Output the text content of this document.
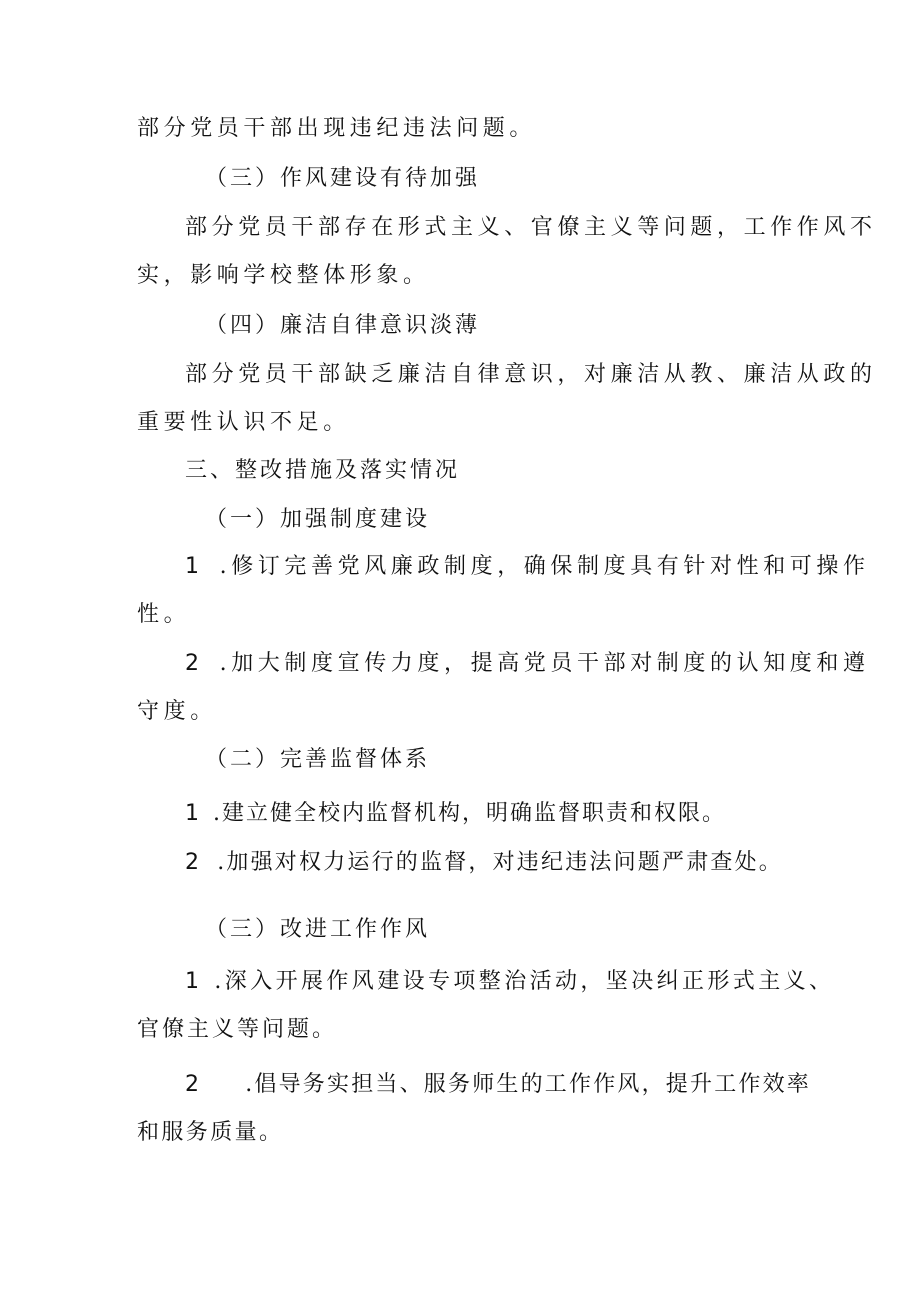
部分党员干部出现违纪违法问题。
（三）作风建设有待加强
部分党员干部存在形式主义、官僚主义等问题，工作作风不
实，影响学校整体形象。
（四）廉洁自律意识淡薄
部分党员干部缺乏廉洁自律意识，对廉洁从教、廉洁从政的
重要性认识不足。
三、整改措施及落实情况
（一）加强制度建设
1 .修订完善党风廉政制度，确保制度具有针对性和可操作
性。
2 .加大制度宣传力度，提高党员干部对制度的认知度和遵
守度。
（二）完善监督体系
1 .建立健全校内监督机构，明确监督职责和权限。
2 .加强对权力运行的监督，对违纪违法问题严肃查处。
（三）改进工作作风
1 .深入开展作风建设专项整治活动，坚决纠正形式主义、
官僚主义等问题。
2 .倡导务实担当、服务师生的工作作风，提升工作效率
和服务质量。
